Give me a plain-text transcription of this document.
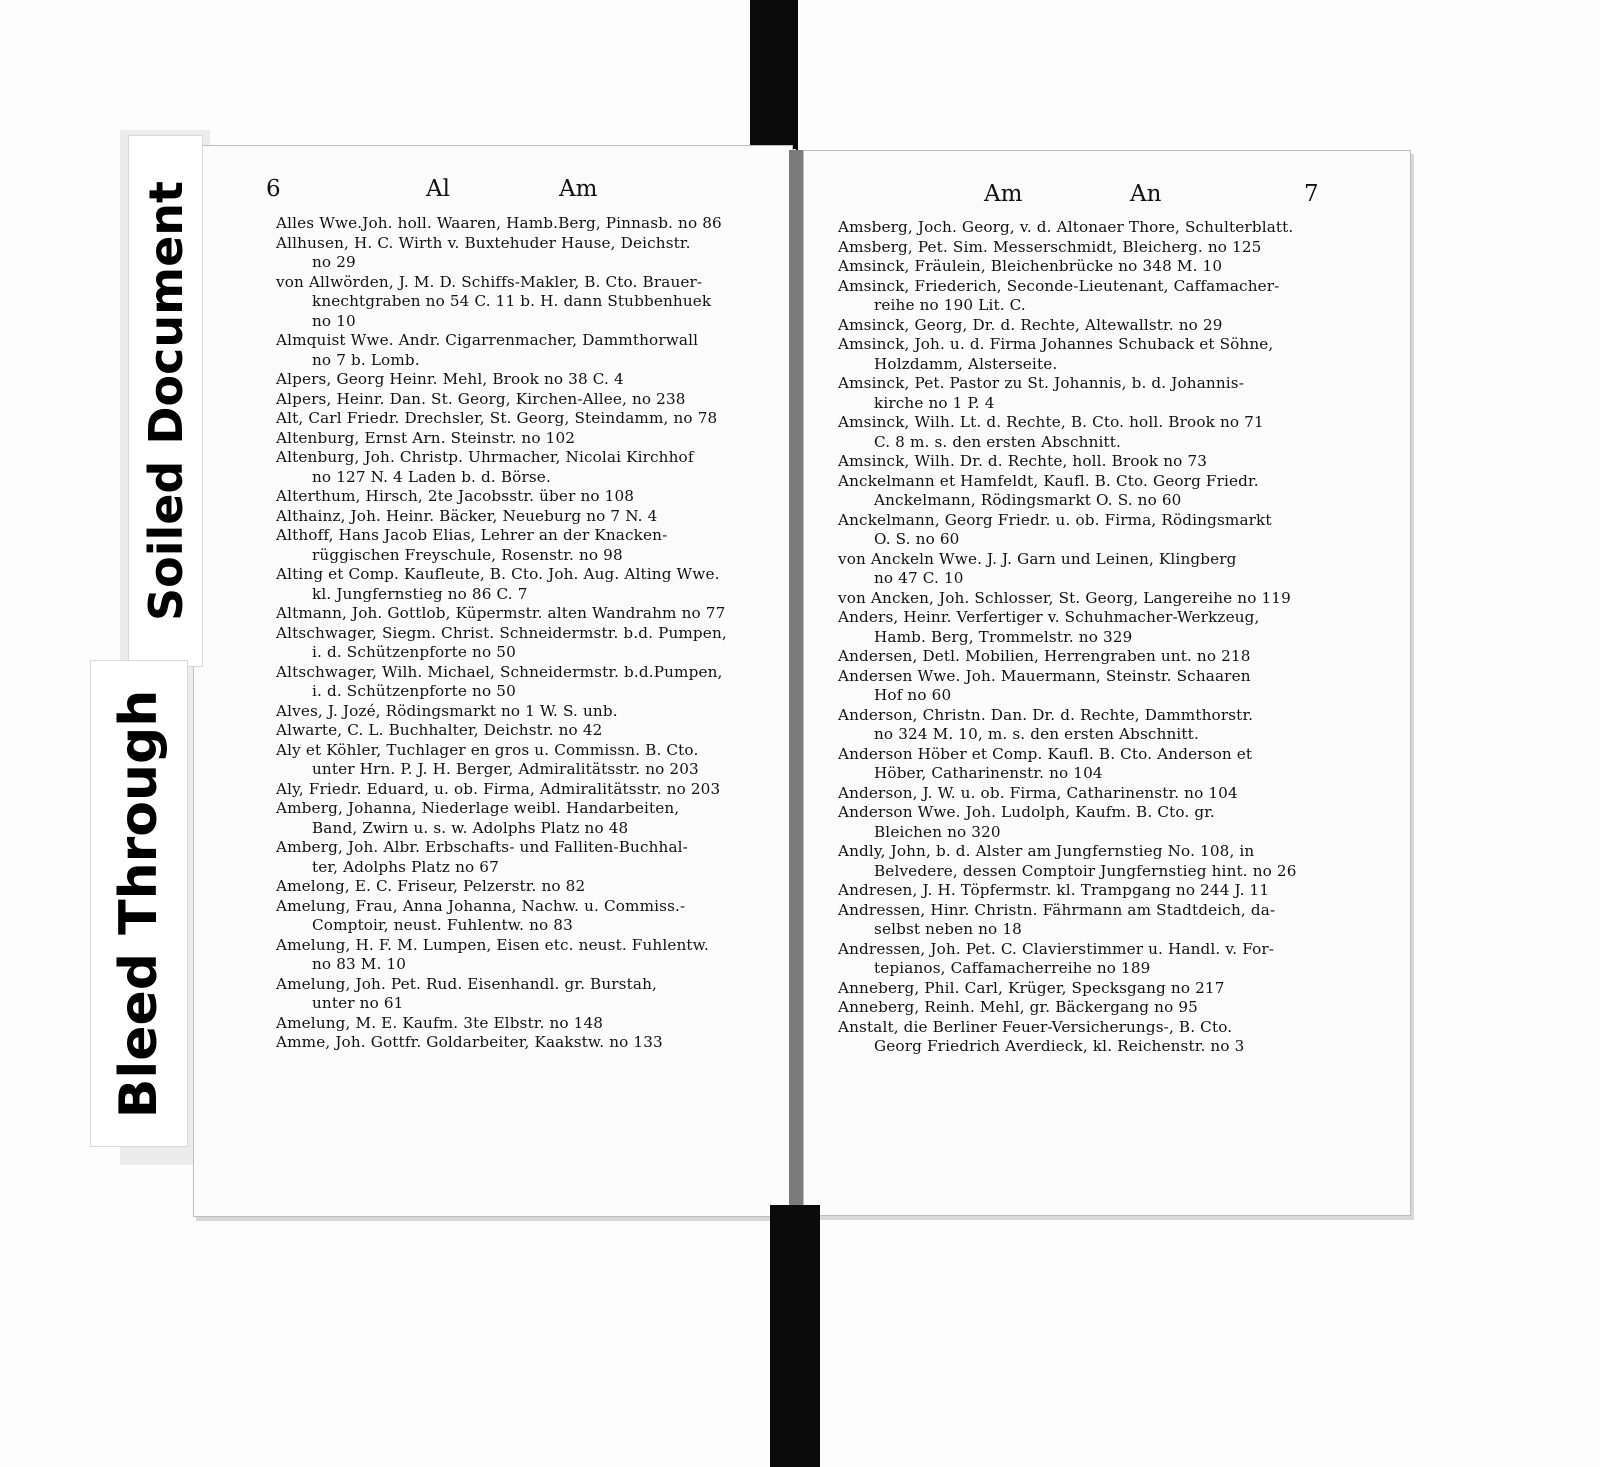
6	Al	Am
Alles Wwe.Joh. holl. Waaren, Hamb.Berg, Pinnasb. no 86
Allhusen, H. C. Wirth v. Buxtehuder Hause, Deichstr.
no 29
von Allwörden, J. M. D. Schiffs-Makler, B. Cto. Brauer-
knechtgraben no 54 C. 11 b. H. dann Stubbenhuek
no 10
Almquist Wwe. Andr. Cigarrenmacher, Dammthorwall
no 7 b. Lomb.
Alpers, Georg Heinr. Mehl, Brook no 38 C. 4
Alpers, Heinr. Dan. St. Georg, Kirchen-Allee, no 238
Alt, Carl Friedr. Drechsler, St. Georg, Steindamm, no 78
Altenburg, Ernst Arn. Steinstr. no 102
Altenburg, Joh. Christp. Uhrmacher, Nicolai Kirchhof
no 127 N. 4 Laden b. d. Börse.
Alterthum, Hirsch, 2te Jacobsstr. über no 108
Althainz, Joh. Heinr. Bäcker, Neueburg no 7 N. 4
Althoff, Hans Jacob Elias, Lehrer an der Knacken-
rüggischen Freyschule, Rosenstr. no 98
Alting et Comp. Kaufleute, B. Cto. Joh. Aug. Alting Wwe.
kl. Jungfernstieg no 86 C. 7
Altmann, Joh. Gottlob, Küpermstr. alten Wandrahm no 77
Altschwager, Siegm. Christ. Schneidermstr. b.d. Pumpen,
i. d. Schützenpforte no 50
Altschwager, Wilh. Michael, Schneidermstr. b.d.Pumpen,
i. d. Schützenpforte no 50
Alves, J. Jozé, Rödingsmarkt no 1 W. S. unb.
Alwarte, C. L. Buchhalter, Deichstr. no 42
Aly et Köhler, Tuchlager en gros u. Commissn. B. Cto.
unter Hrn. P. J. H. Berger, Admiralitätsstr. no 203
Aly, Friedr. Eduard, u. ob. Firma, Admiralitätsstr. no 203
Amberg, Johanna, Niederlage weibl. Handarbeiten,
Band, Zwirn u. s. w. Adolphs Platz no 48
Amberg, Joh. Albr. Erbschafts- und Falliten-Buchhal-
ter, Adolphs Platz no 67
Amelong, E. C. Friseur, Pelzerstr. no 82
Amelung, Frau, Anna Johanna, Nachw. u. Commiss.-
Comptoir, neust. Fuhlentw. no 83
Amelung, H. F. M. Lumpen, Eisen etc. neust. Fuhlentw.
no 83 M. 10
Amelung, Joh. Pet. Rud. Eisenhandl. gr. Burstah,
unter no 61
Amelung, M. E. Kaufm. 3te Elbstr. no 148
Amme, Joh. Gottfr. Goldarbeiter, Kaakstw. no 133
Am	An	7
Amsberg, Joch. Georg, v. d. Altonaer Thore, Schulterblatt.
Amsberg, Pet. Sim. Messerschmidt, Bleicherg. no 125
Amsinck, Fräulein, Bleichenbrücke no 348 M. 10
Amsinck, Friederich, Seconde-Lieutenant, Caffamacher-
reihe no 190 Lit. C.
Amsinck, Georg, Dr. d. Rechte, Altewallstr. no 29
Amsinck, Joh. u. d. Firma Johannes Schuback et Söhne,
Holzdamm, Alsterseite.
Amsinck, Pet. Pastor zu St. Johannis, b. d. Johannis-
kirche no 1 P. 4
Amsinck, Wilh. Lt. d. Rechte, B. Cto. holl. Brook no 71
C. 8 m. s. den ersten Abschnitt.
Amsinck, Wilh. Dr. d. Rechte, holl. Brook no 73
Anckelmann et Hamfeldt, Kaufl. B. Cto. Georg Friedr.
Anckelmann, Rödingsmarkt O. S. no 60
Anckelmann, Georg Friedr. u. ob. Firma, Rödingsmarkt
O. S. no 60
von Anckeln Wwe. J. J. Garn und Leinen, Klingberg
no 47 C. 10
von Ancken, Joh. Schlosser, St. Georg, Langereihe no 119
Anders, Heinr. Verfertiger v. Schuhmacher-Werkzeug,
Hamb. Berg, Trommelstr. no 329
Andersen, Detl. Mobilien, Herrengraben unt. no 218
Andersen Wwe. Joh. Mauermann, Steinstr. Schaaren
Hof no 60
Anderson, Christn. Dan. Dr. d. Rechte, Dammthorstr.
no 324 M. 10, m. s. den ersten Abschnitt.
Anderson Höber et Comp. Kaufl. B. Cto. Anderson et
Höber, Catharinenstr. no 104
Anderson, J. W. u. ob. Firma, Catharinenstr. no 104
Anderson Wwe. Joh. Ludolph, Kaufm. B. Cto. gr.
Bleichen no 320
Andly, John, b. d. Alster am Jungfernstieg No. 108, in
Belvedere, dessen Comptoir Jungfernstieg hint. no 26
Andresen, J. H. Töpfermstr. kl. Trampgang no 244 J. 11
Andressen, Hinr. Christn. Fährmann am Stadtdeich, da-
selbst neben no 18
Andressen, Joh. Pet. C. Clavierstimmer u. Handl. v. For-
tepianos, Caffamacherreihe no 189
Anneberg, Phil. Carl, Krüger, Specksgang no 217
Anneberg, Reinh. Mehl, gr. Bäckergang no 95
Anstalt, die Berliner Feuer-Versicherungs-, B. Cto.
Georg Friedrich Averdieck, kl. Reichenstr. no 3
Soiled Document
Bleed Through
